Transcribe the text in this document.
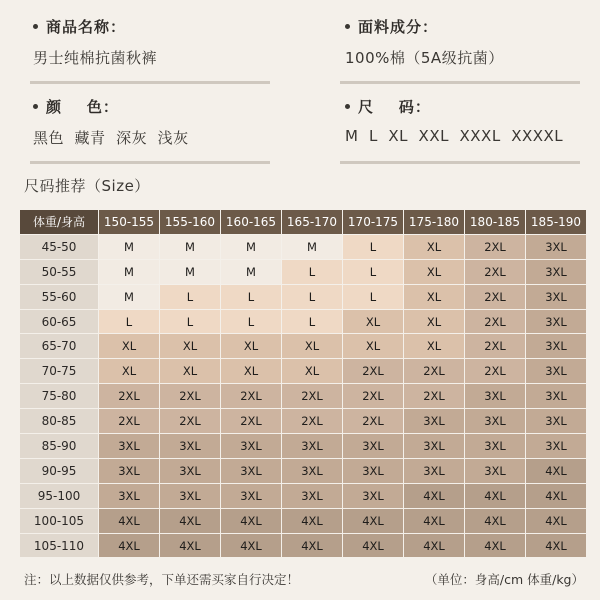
商品名称：
男士纯棉抗菌秋裤
面料成分：
100%棉（5A级抗菌）
颜    色：
黑色  藏青  深灰  浅灰
尺    码：
M  L  XL  XXL  XXXL  XXXXL
尺码推荐（Size）
体重/身高	150-155 155-160 160-165 165-170 170-175 175-180 180-185 185-190
45-50	M	M	M	M	L	XL	2XL	3XL
50-55	M	M	M	L	L	XL	2XL	3XL
55-60	M	L	L	L	L	XL	2XL	3XL
60-65	L	L	L	L	XL	XL	2XL	3XL
65-70	XL	XL	XL	XL	XL	XL	2XL	3XL
70-75	XL	XL	XL	XL	2XL	2XL	2XL	3XL
75-80	2XL	2XL	2XL	2XL	2XL	2XL	3XL	3XL
80-85	2XL	2XL	2XL	2XL	2XL	3XL	3XL	3XL
85-90	3XL	3XL	3XL	3XL	3XL	3XL	3XL	3XL
90-95	3XL	3XL	3XL	3XL	3XL	3XL	3XL	4XL
95-100	3XL	3XL	3XL	3XL	3XL	4XL	4XL	4XL
100-105	4XL	4XL	4XL	4XL	4XL	4XL	4XL	4XL
105-110	4XL	4XL	4XL	4XL	4XL	4XL	4XL	4XL
注：以上数据仅供参考，下单还需买家自行决定！	（单位：身高/cm 体重/kg）
